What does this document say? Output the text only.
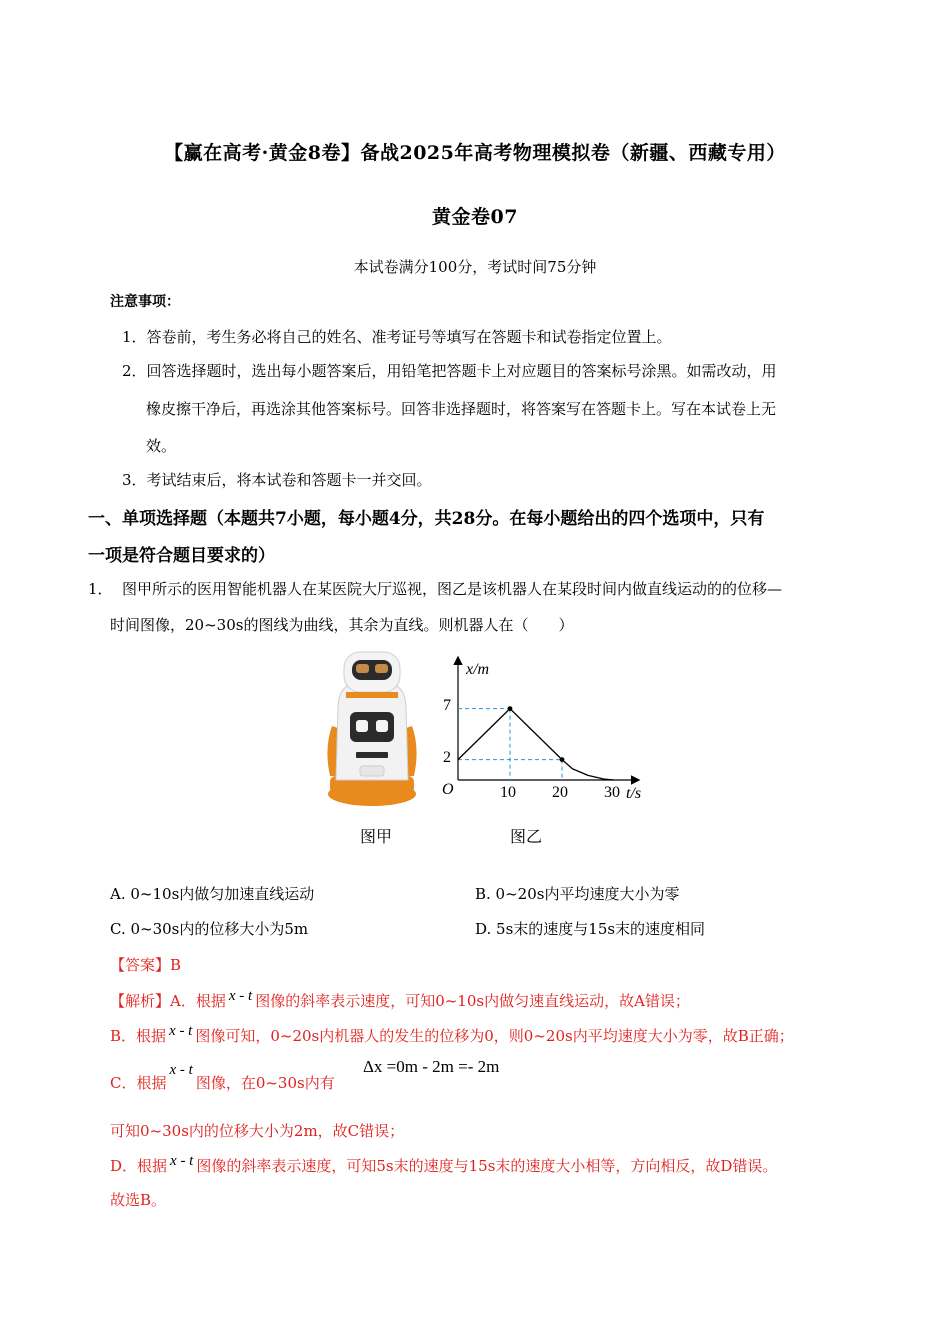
【赢在高考·黄金8卷】备战2025年高考物理模拟卷（新疆、西藏专用）
黄金卷07
本试卷满分100分，考试时间75分钟
注意事项：
1．答卷前，考生务必将自己的姓名、准考证号等填写在答题卡和试卷指定位置上。
2．回答选择题时，选出每小题答案后，用铅笔把答题卡上对应题目的答案标号涂黑。如需改动，用
橡皮擦干净后，再选涂其他答案标号。回答非选择题时，将答案写在答题卡上。写在本试卷上无
效。
3．考试结束后，将本试卷和答题卡一并交回。
一、单项选择题（本题共7小题，每小题4分，共28分。在每小题给出的四个选项中，只有
一项是符合题目要求的）
1． 图甲所示的医用智能机器人在某医院大厅巡视，图乙是该机器人在某段时间内做直线运动的的位移—
时间图像，20~30s的图线为曲线，其余为直线。则机器人在（　　）
x/m
t/s
O	10 20 30
2
7
图甲	图乙
A. 0~10s内做匀加速直线运动	B. 0~20s内平均速度大小为零
C. 0~30s内的位移大小为5m	D. 5s末的速度与15s末的速度相同
【答案】B
【解析】A．根据 x - t 图像的斜率表示速度，可知0~10s内做匀速直线运动，故A错误；
B．根据 x - t 图像可知，0~20s内机器人的发生的位移为0，则0~20s内平均速度大小为零，故B正确；
C．根据x - t图像，在0~30s内有
Δx =0m - 2m =- 2m
可知0~30s内的位移大小为2m，故C错误；
D．根据 x - t 图像的斜率表示速度，可知5s末的速度与15s末的速度大小相等，方向相反，故D错误。
故选B。
